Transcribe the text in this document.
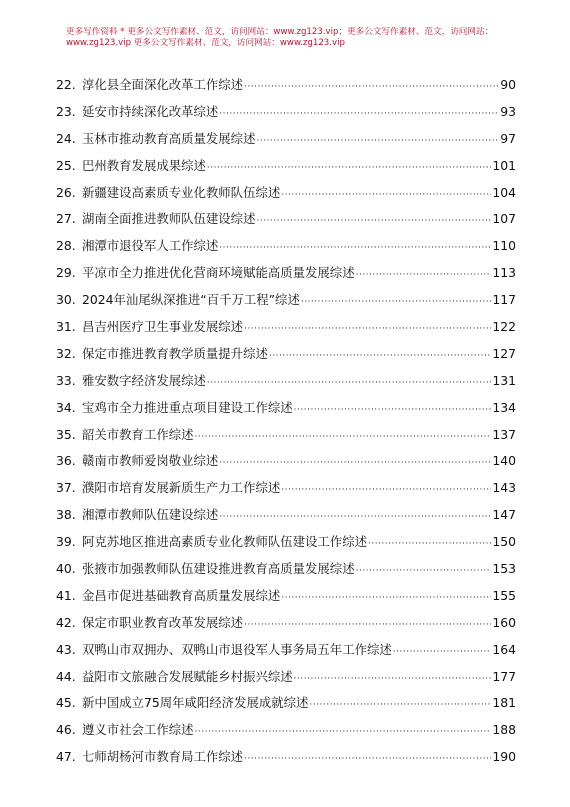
更多写作资料 * 更多公文写作素材、范文，访问网站：www.zg123.vip；更多公文写作素材、范文，访问网站：
www.zg123.vip 更多公文写作素材、范文，访问网站：www.zg123.vip
22. 淳化县全面深化改革工作综述 ·····	90
23. 延安市持续深化改革综述 ·····	93
24. 玉林市推动教育高质量发展综述 ·····	97
25. 巴州教育发展成果综述 ·····	101
26. 新疆建设高素质专业化教师队伍综述 ·····	104
27. 湖南全面推进教师队伍建设综述 ·····	107
28. 湘潭市退役军人工作综述 ·····	110
29. 平凉市全力推进优化营商环境赋能高质量发展综述 ·····	113
30. 2024年汕尾纵深推进“百千万工程”综述 ·····	117
31. 昌吉州医疗卫生事业发展综述 ·····	122
32. 保定市推进教育教学质量提升综述 ·····	127
33. 雅安数字经济发展综述 ·····	131
34. 宝鸡市全力推进重点项目建设工作综述 ·····	134
35. 韶关市教育工作综述 ·····	137
36. 赣南市教师爱岗敬业综述 ·····	140
37. 濮阳市培育发展新质生产力工作综述 ·····	143
38. 湘潭市教师队伍建设综述 ·····	147
39. 阿克苏地区推进高素质专业化教师队伍建设工作综述 ·····	150
40. 张掖市加强教师队伍建设推进教育高质量发展综述 ·····	153
41. 金昌市促进基础教育高质量发展综述 ·····	155
42. 保定市职业教育改革发展综述 ·····	160
43. 双鸭山市双拥办、双鸭山市退役军人事务局五年工作综述 ·····	164
44. 益阳市文旅融合发展赋能乡村振兴综述 ·····	177
45. 新中国成立75周年咸阳经济发展成就综述 ·····	181
46. 遵义市社会工作综述 ·····	188
47. 七师胡杨河市教育局工作综述 ·····	190
